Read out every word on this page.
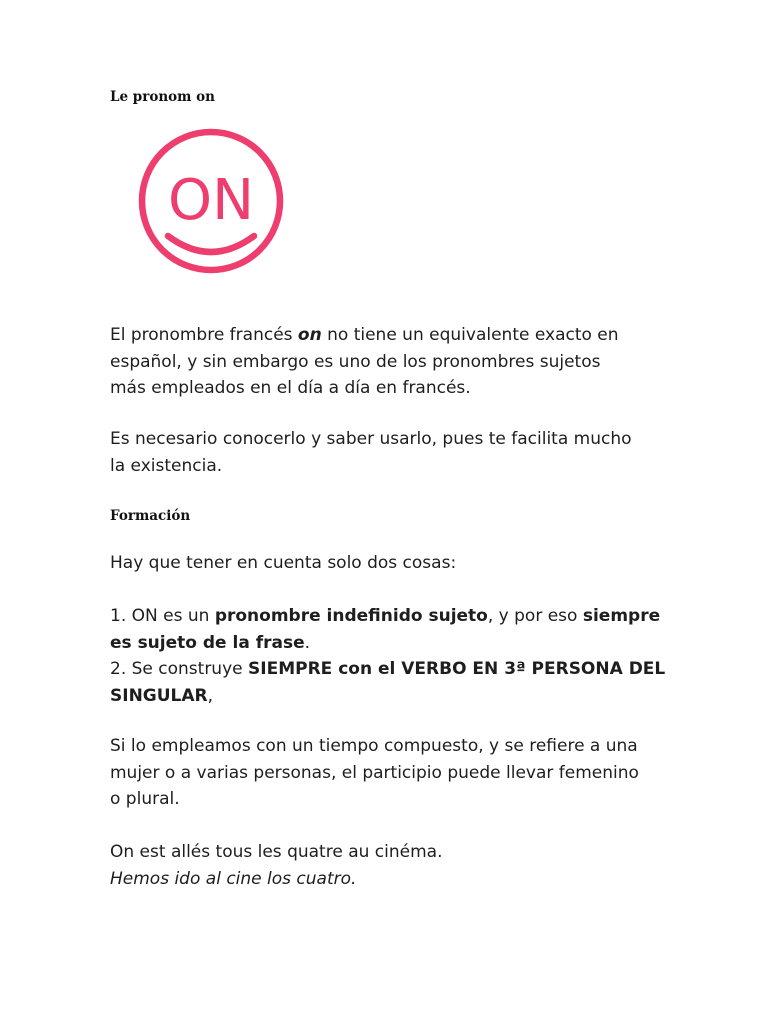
Le pronom on
ON

El pronombre francés on no tiene un equivalente exacto en
español, y sin embargo es uno de los pronombres sujetos
más empleados en el día a día en francés.

Es necesario conocerlo y saber usarlo, pues te facilita mucho
la existencia.

Formación

Hay que tener en cuenta solo dos cosas:

1. ON es un pronombre indefinido sujeto, y por eso siempre
es sujeto de la frase.
2. Se construye SIEMPRE con el VERBO EN 3ª PERSONA DEL
SINGULAR,

Si lo empleamos con un tiempo compuesto, y se refiere a una
mujer o a varias personas, el participio puede llevar femenino
o plural.

On est allés tous les quatre au cinéma.
Hemos ido al cine los cuatro.
